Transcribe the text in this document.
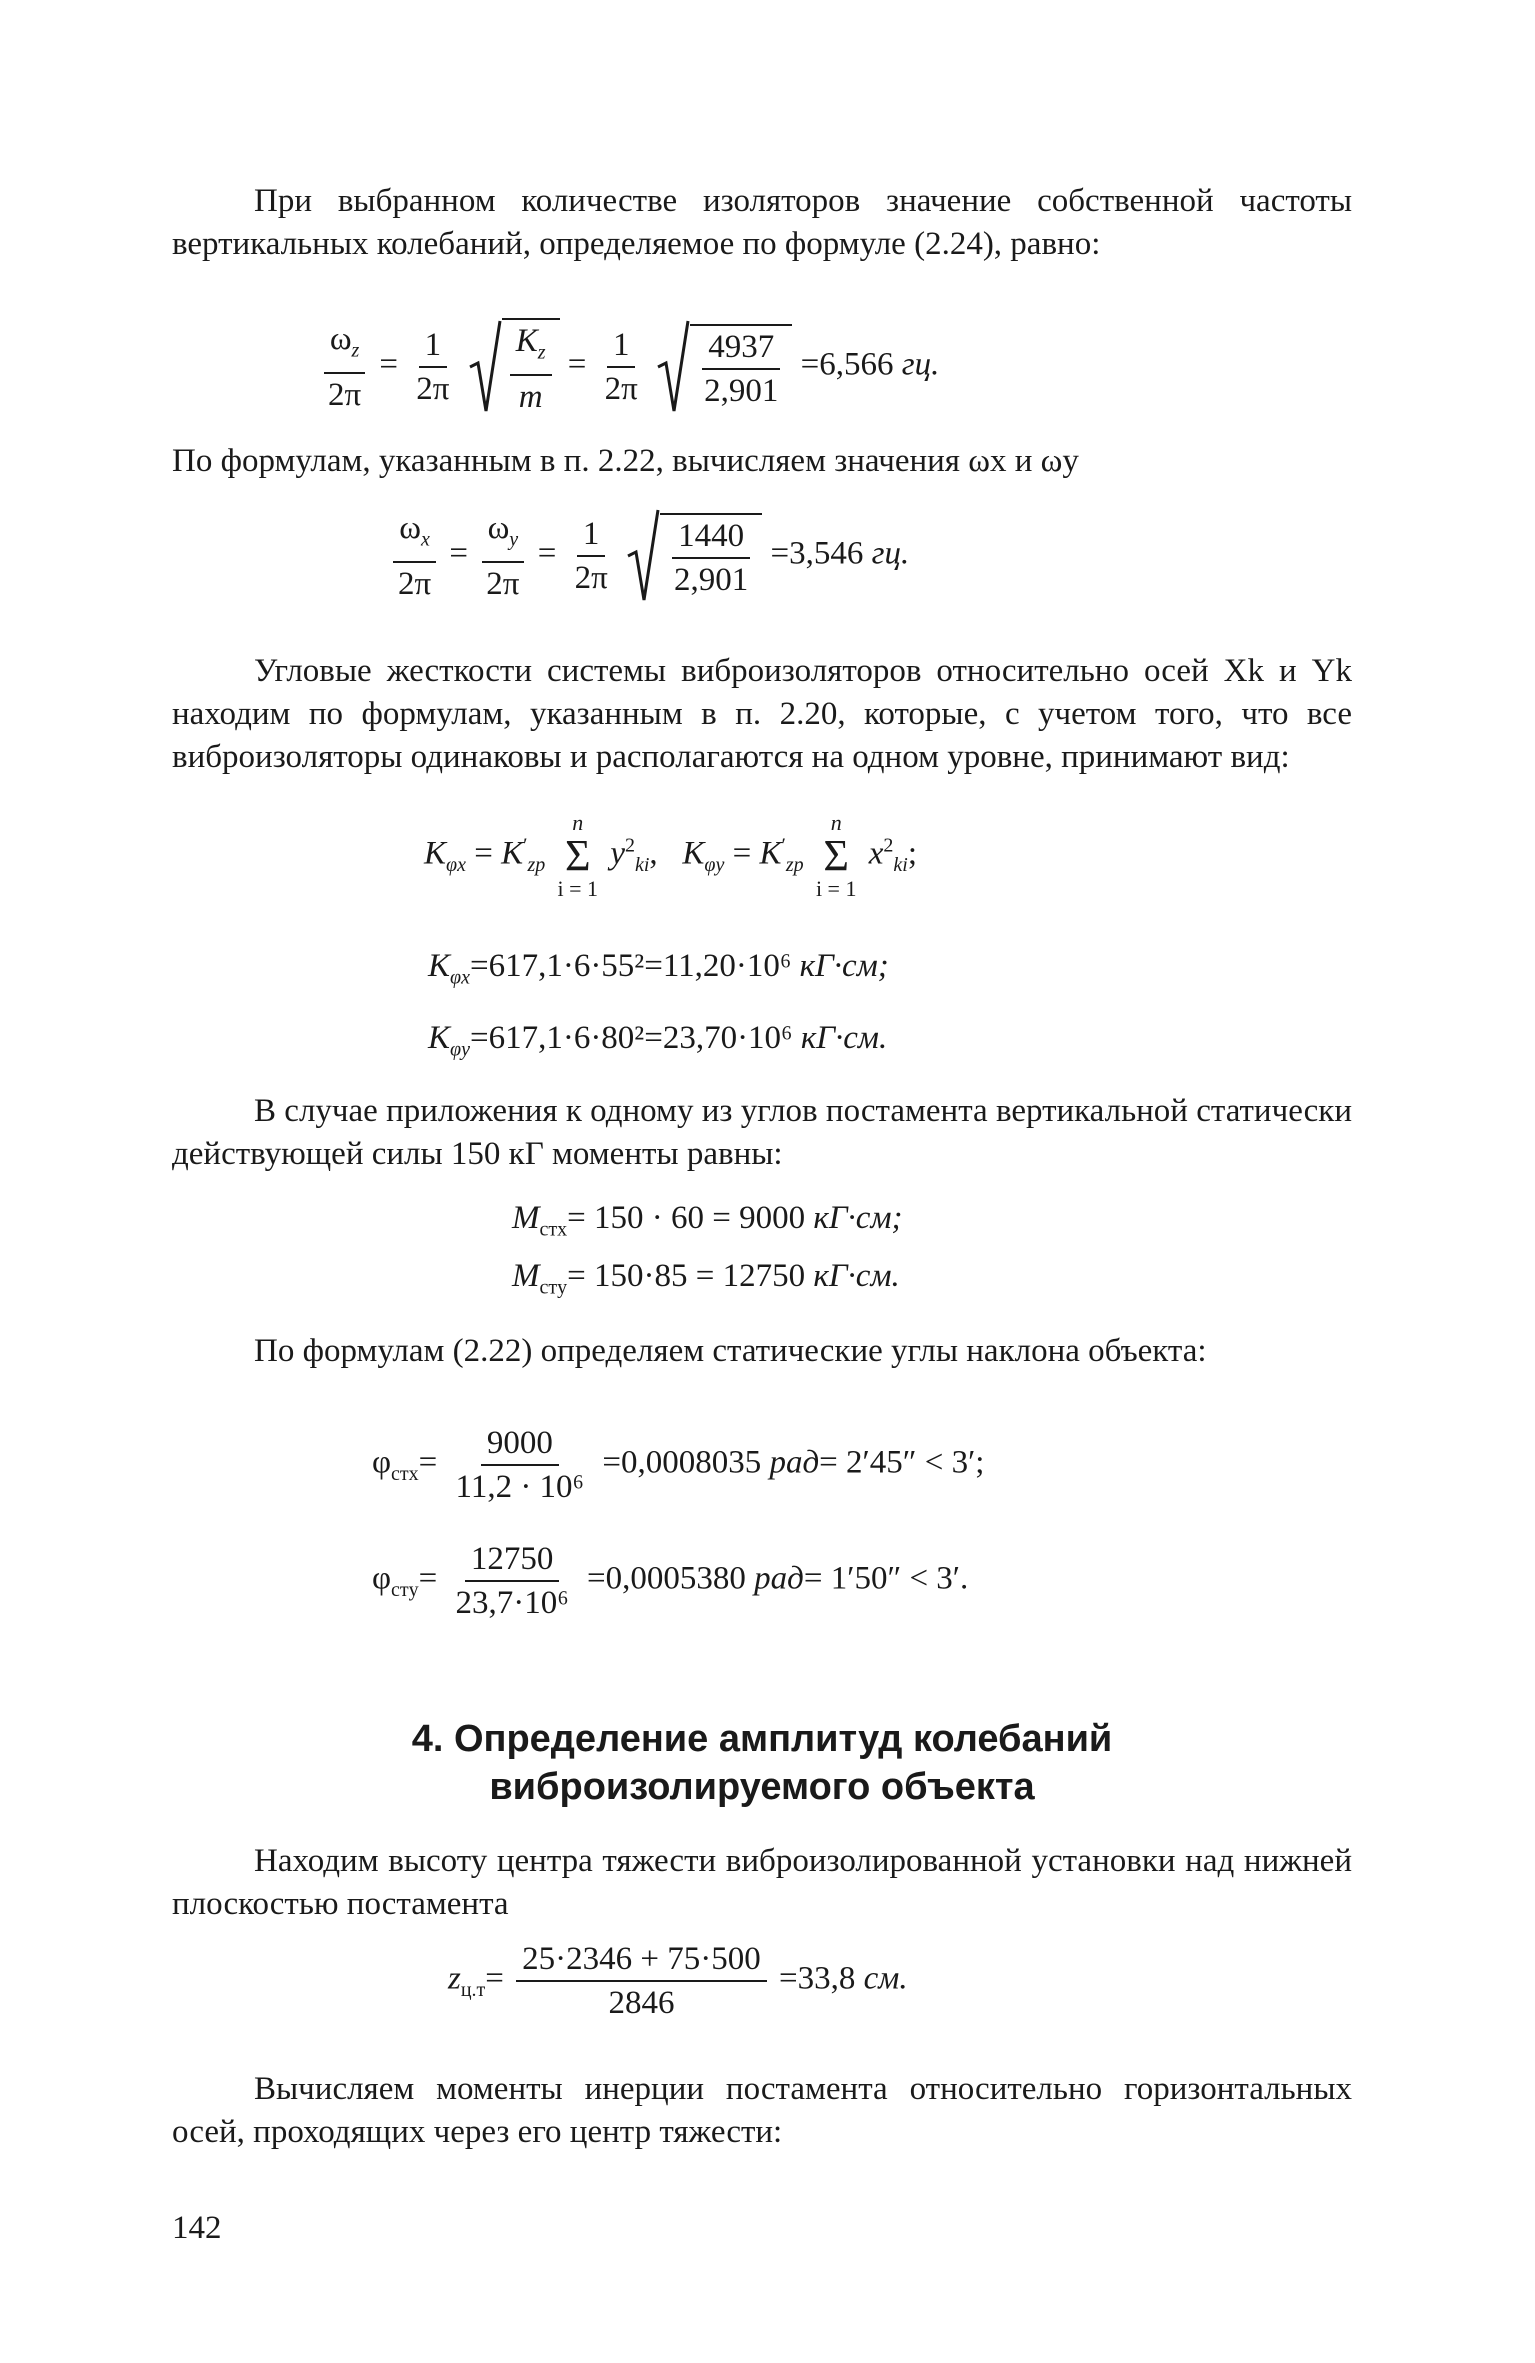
При выбранном количестве изоляторов значение собственной частоты вертикальных колебаний, определяемое по формуле (2.24), равно:
$\frac{\omega_z}{2\pi} = \frac{1}{2\pi}$
$\frac{K_z}{m} = \frac{1}{2\pi}$
$\frac{4937}{2,901} =6,566$ гц.
По формулам, указанным в п. 2.22, вычисляем значения ωx и ωy
$\frac{\omega_x}{2\pi} = \frac{\omega_y}{2\pi} = \frac{1}{2\pi}$
$\frac{1440}{2,901} =3,546$ гц.
Угловые жесткости системы виброизоляторов относительно осей Xk и Yk находим по формулам, указанным в п. 2.20, которые, с учетом того, что все виброизоляторы одинаковы и располагаются на одном уровне, принимают вид:
$K_{\varphi x} = K'_{zp}$
n
Σ
i = 1
$y^2_{ki}$,   $K_{\varphi y} = K'_{zp}$
n
Σ
i = 1
$x^2_{ki}$;
$K_{\varphi x}=617,1\cdot 6\cdot 55^2=11,20\cdot 10^6$ кГ·см;
$K_{\varphi y}=617,1\cdot 6\cdot 80^2=23,70\cdot 10^6$ кГ·см.
В случае приложения к одному из углов постамента вертикальной статически действующей силы 150 кГ моменты равны:
$M_{стx}= 150 \cdot 60 = 9000$ кГ·см;
$M_{стy}= 150\cdot 85 = 12750$ кГ·см.
По формулам (2.22) определяем статические углы наклона объекта:
$\varphi_{стx}= \frac{9000}{\text{11,2 · 10⁶}} =0,0008035$ рад= 2′45″ < 3′;
$\varphi_{стy}= \frac{12750}{\text{23,7·10⁶}} =0,0005380$ рад= 1′50″ < 3′.
4. Определение амплитуд колебаний
виброизолируемого объекта
Находим высоту центра тяжести виброизолированной установки над нижней плоскостью постамента
$z_{ц.т}= \frac{25\cdot 2346 + 75\cdot 500}{2846} =33,8$ см.
Вычисляем моменты инерции постамента относительно горизонтальных осей, проходящих через его центр тяжести:
142
